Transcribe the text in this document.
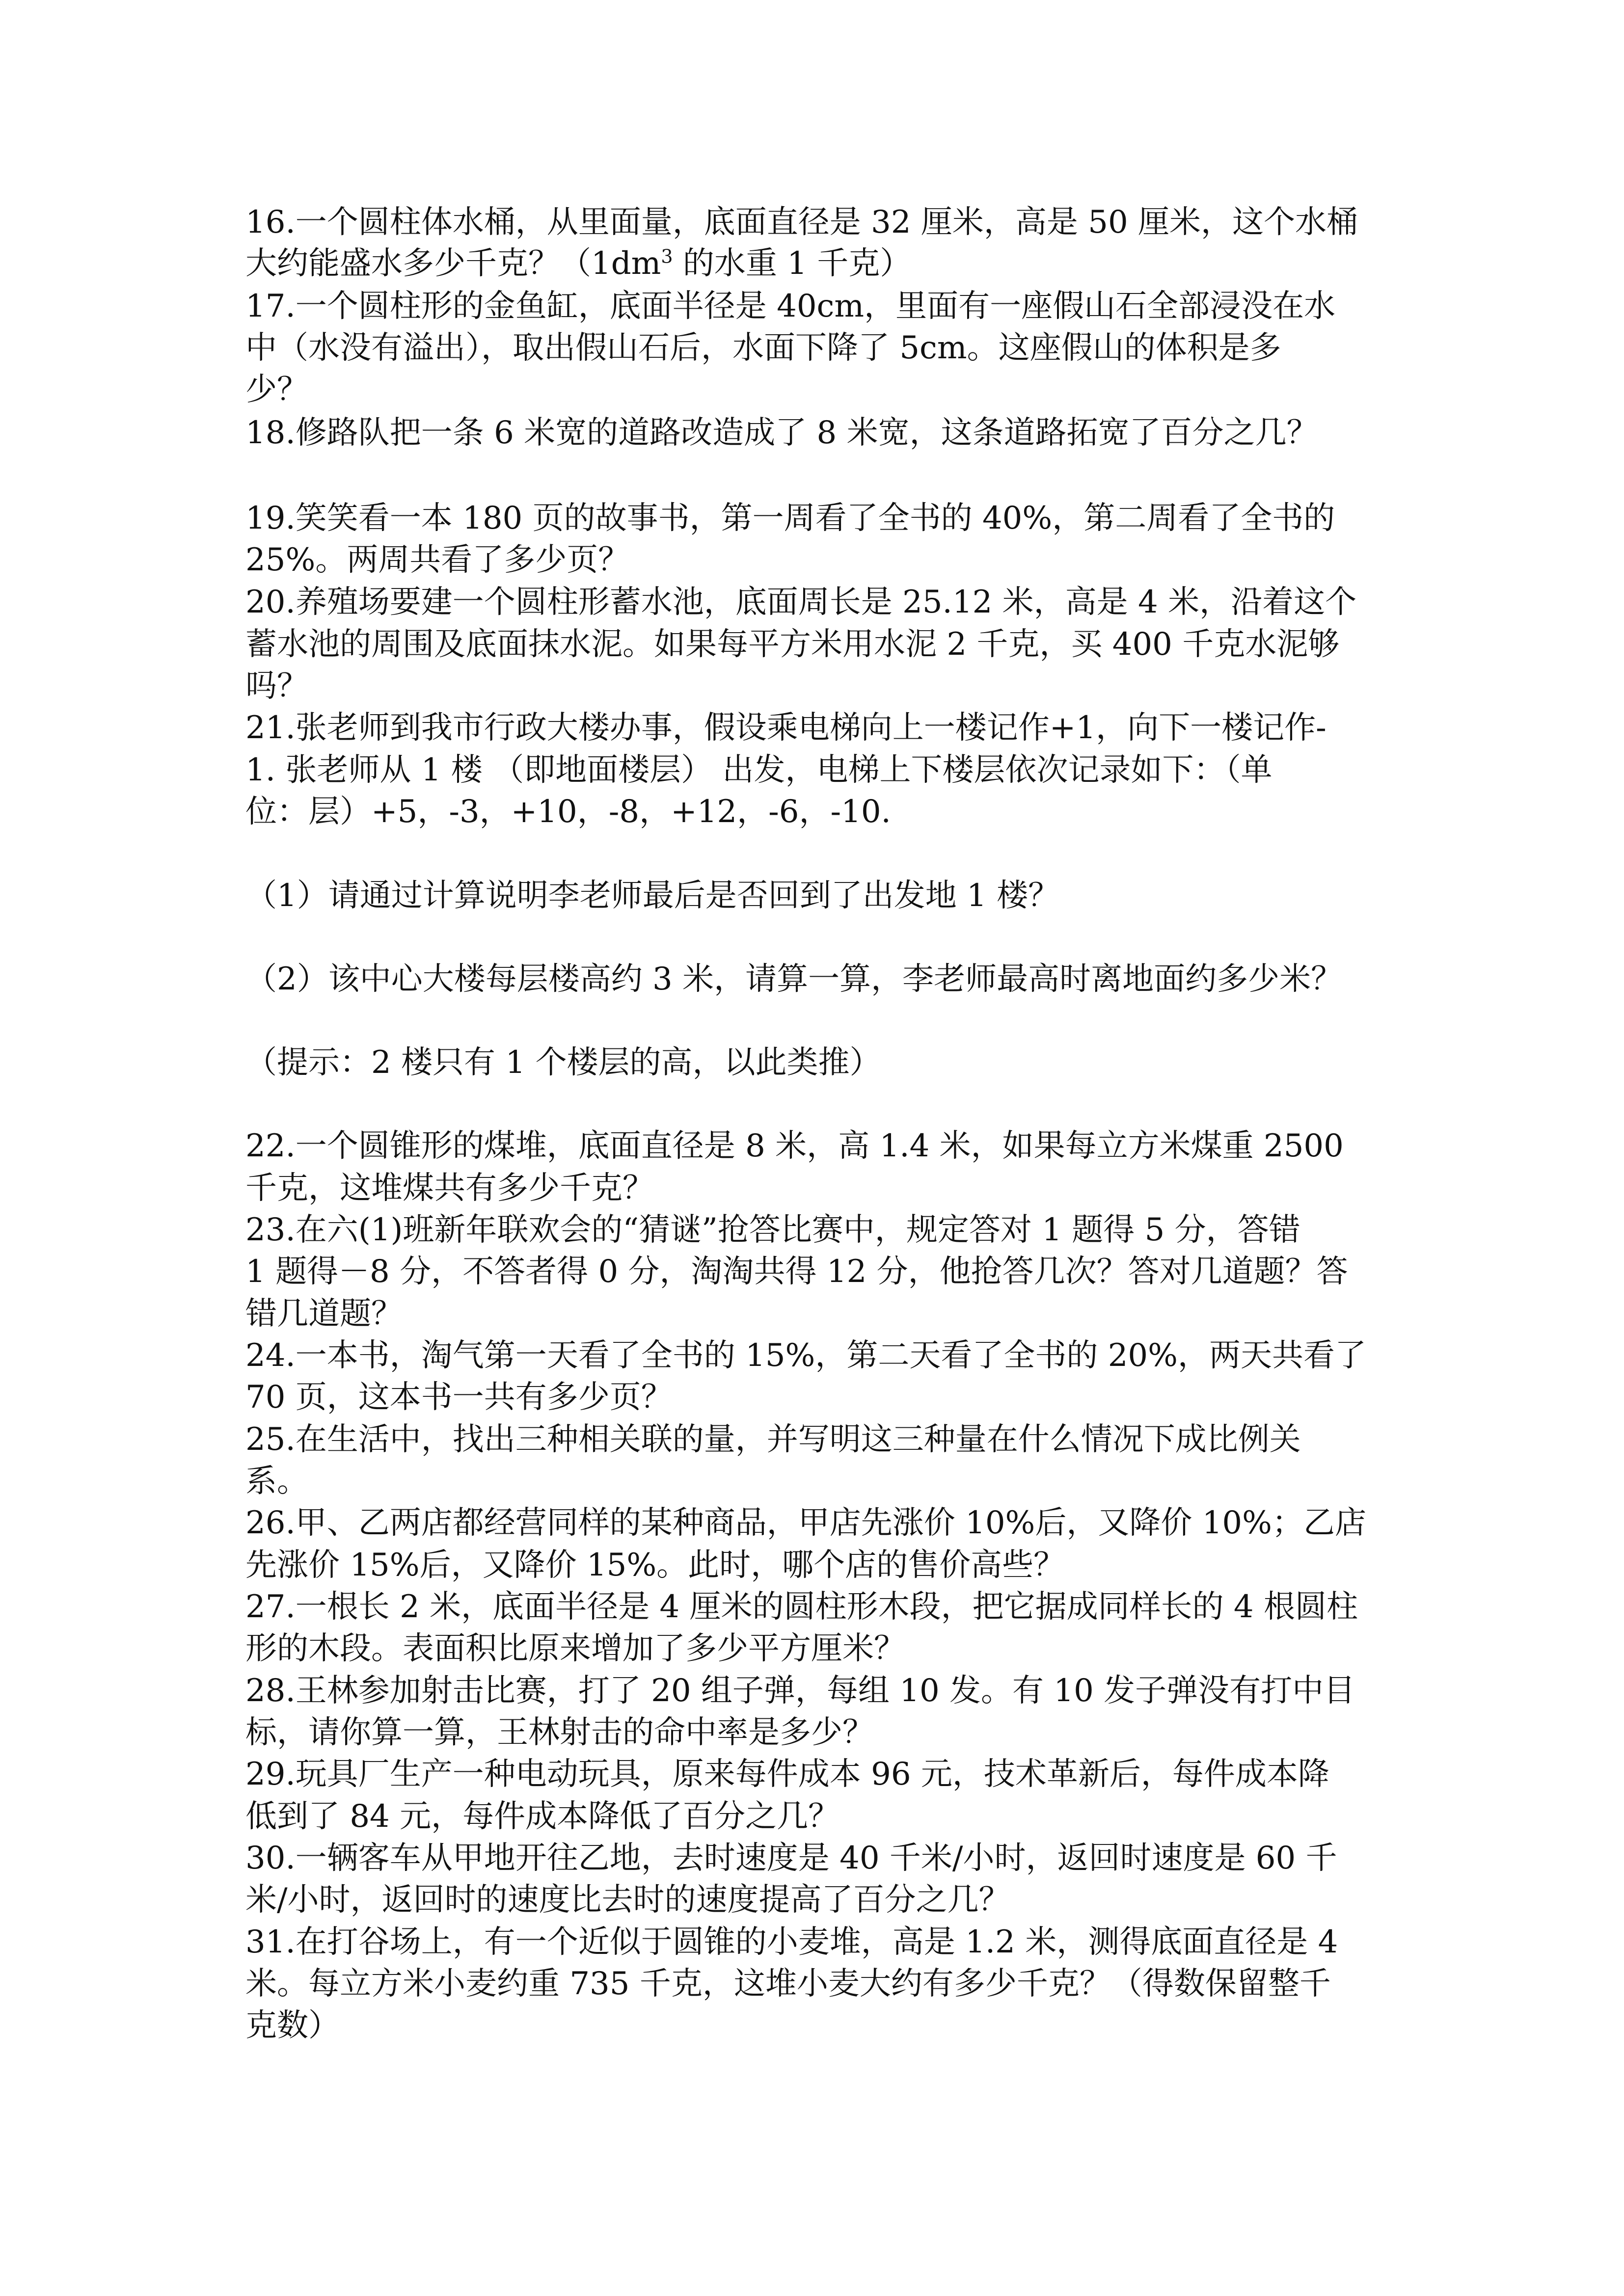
16.一个圆柱体水桶，从里面量，底面直径是 32 厘米，高是 50 厘米，这个水桶
大约能盛水多少千克？（$1dm^3$ 的水重 1 千克）
17.一个圆柱形的金鱼缸，底面半径是 40cm，里面有一座假山石全部浸没在水
中（水没有溢出），取出假山石后，水面下降了 5cm。这座假山的体积是多
少？
18.修路队把一条 6 米宽的道路改造成了 8 米宽，这条道路拓宽了百分之几？
19.笑笑看一本 180 页的故事书，第一周看了全书的 40%，第二周看了全书的
25%。两周共看了多少页？
20.养殖场要建一个圆柱形蓄水池，底面周长是 25.12 米，高是 4 米，沿着这个
蓄水池的周围及底面抹水泥。如果每平方米用水泥 2 千克，买 400 千克水泥够
吗？
21.张老师到我市行政大楼办事，假设乘电梯向上一楼记作+1，向下一楼记作-
1. 张老师从 1 楼 （即地面楼层） 出发，电梯上下楼层依次记录如下：（单
位：层）+5，-3，+10，-8，+12，-6，-10.
（1）请通过计算说明李老师最后是否回到了出发地 1 楼？
（2）该中心大楼每层楼高约 3 米，请算一算，李老师最高时离地面约多少米？
（提示：2 楼只有 1 个楼层的高，以此类推）
22.一个圆锥形的煤堆，底面直径是 8 米，高 1.4 米，如果每立方米煤重 2500
千克，这堆煤共有多少千克？
23.在六(1)班新年联欢会的“猜谜”抢答比赛中，规定答对 1 题得 5 分，答错
1 题得－8 分，不答者得 0 分，淘淘共得 12 分，他抢答几次？答对几道题？答
错几道题？
24.一本书，淘气第一天看了全书的 15%，第二天看了全书的 20%，两天共看了
70 页，这本书一共有多少页？
25.在生活中，找出三种相关联的量，并写明这三种量在什么情况下成比例关
系。
26.甲、乙两店都经营同样的某种商品，甲店先涨价 10%后，又降价 10%；乙店
先涨价 15%后，又降价 15%。此时，哪个店的售价高些？
27.一根长 2 米，底面半径是 4 厘米的圆柱形木段，把它据成同样长的 4 根圆柱
形的木段。表面积比原来增加了多少平方厘米？
28.王林参加射击比赛，打了 20 组子弹，每组 10 发。有 10 发子弹没有打中目
标，请你算一算，王林射击的命中率是多少？
29.玩具厂生产一种电动玩具，原来每件成本 96 元，技术革新后，每件成本降
低到了 84 元，每件成本降低了百分之几？
30.一辆客车从甲地开往乙地，去时速度是 40 千米/小时，返回时速度是 60 千
米/小时，返回时的速度比去时的速度提高了百分之几？
31.在打谷场上，有一个近似于圆锥的小麦堆，高是 1.2 米，测得底面直径是 4
米。每立方米小麦约重 735 千克，这堆小麦大约有多少千克？（得数保留整千
克数）
